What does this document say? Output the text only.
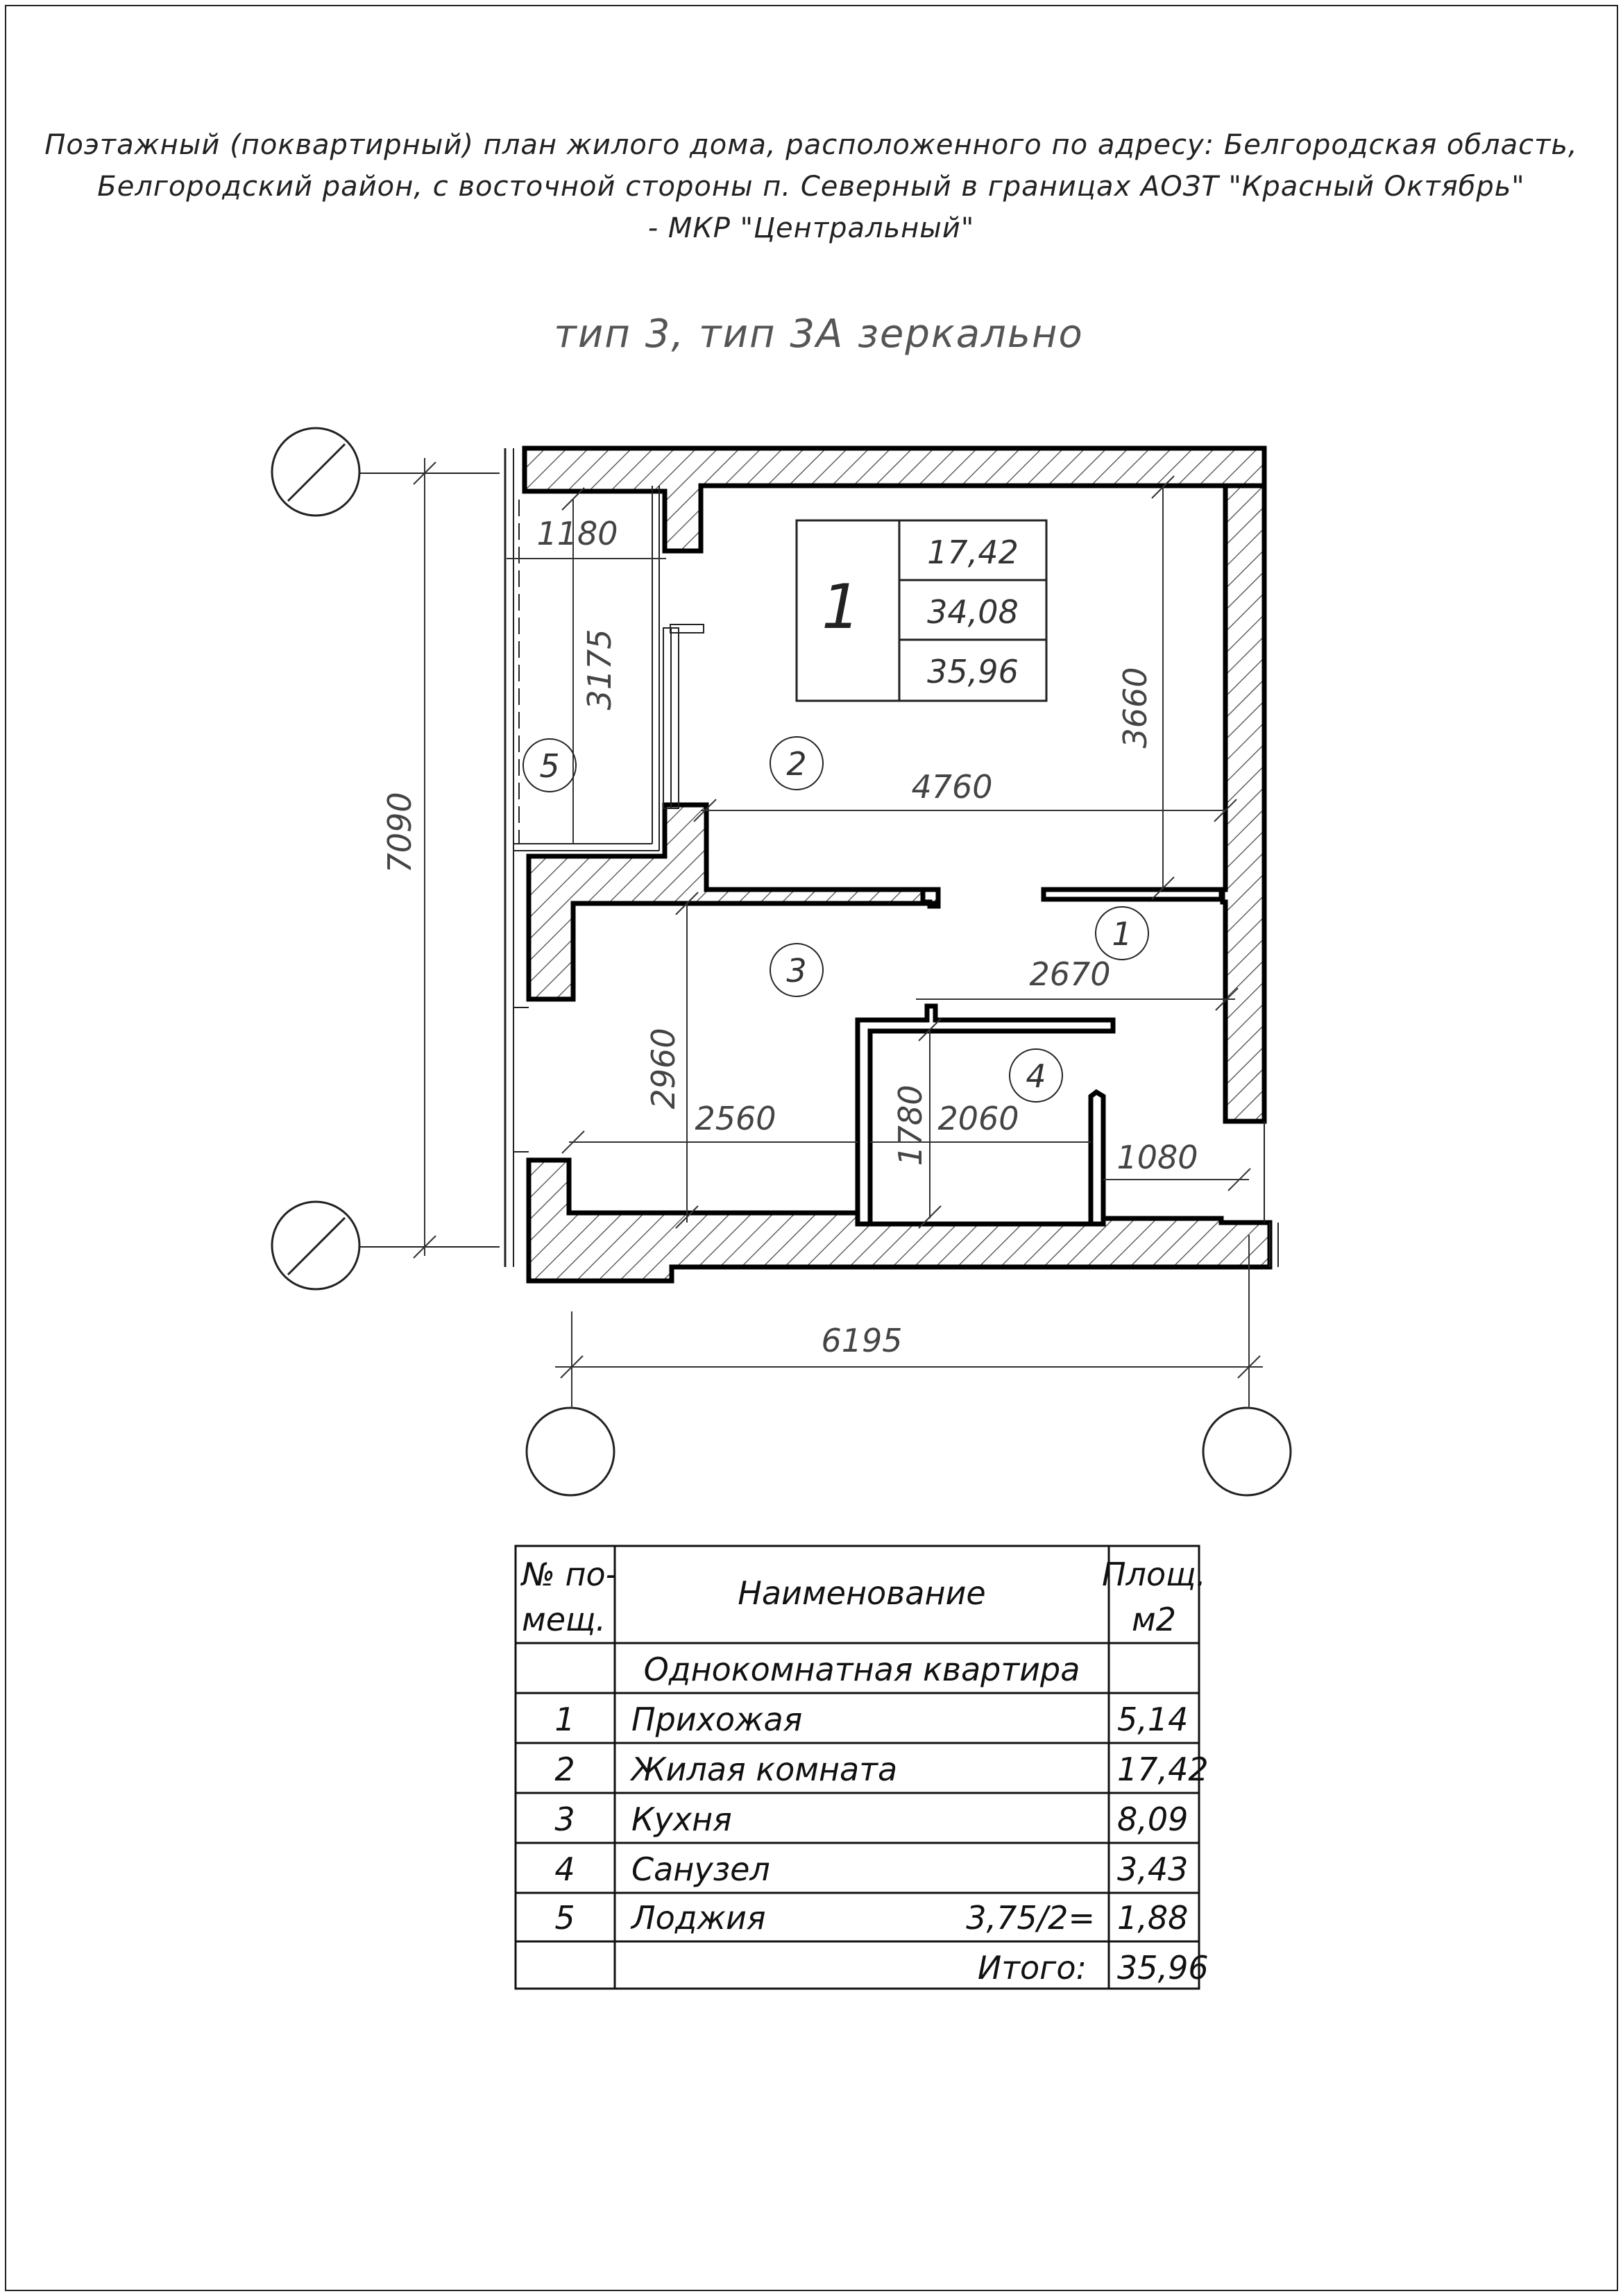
Поэтажный (поквартирный) план жилого дома, расположенного по адресу: Белгородская область,
Белгородский район, с восточной стороны п. Северный в границах АОЗТ "Красный Октябрь"
- МКР "Центральный"
тип 3, тип 3А зеркально
1
17,42
34,08
35,96
1180
3175	3660
4760
7090
2670
2960
2560	1780 2060
1080
6195
1
2
3
4
5
№ по-
мещ.
Наименование	Площ.
м2
Однокомнатная квартира
1 Прихожая	5,14
2 Жилая комната	17,42
3 Кухня	8,09
4 Санузел	3,43
5 Лоджия	3,75/2= 1,88
Итого: 35,96
